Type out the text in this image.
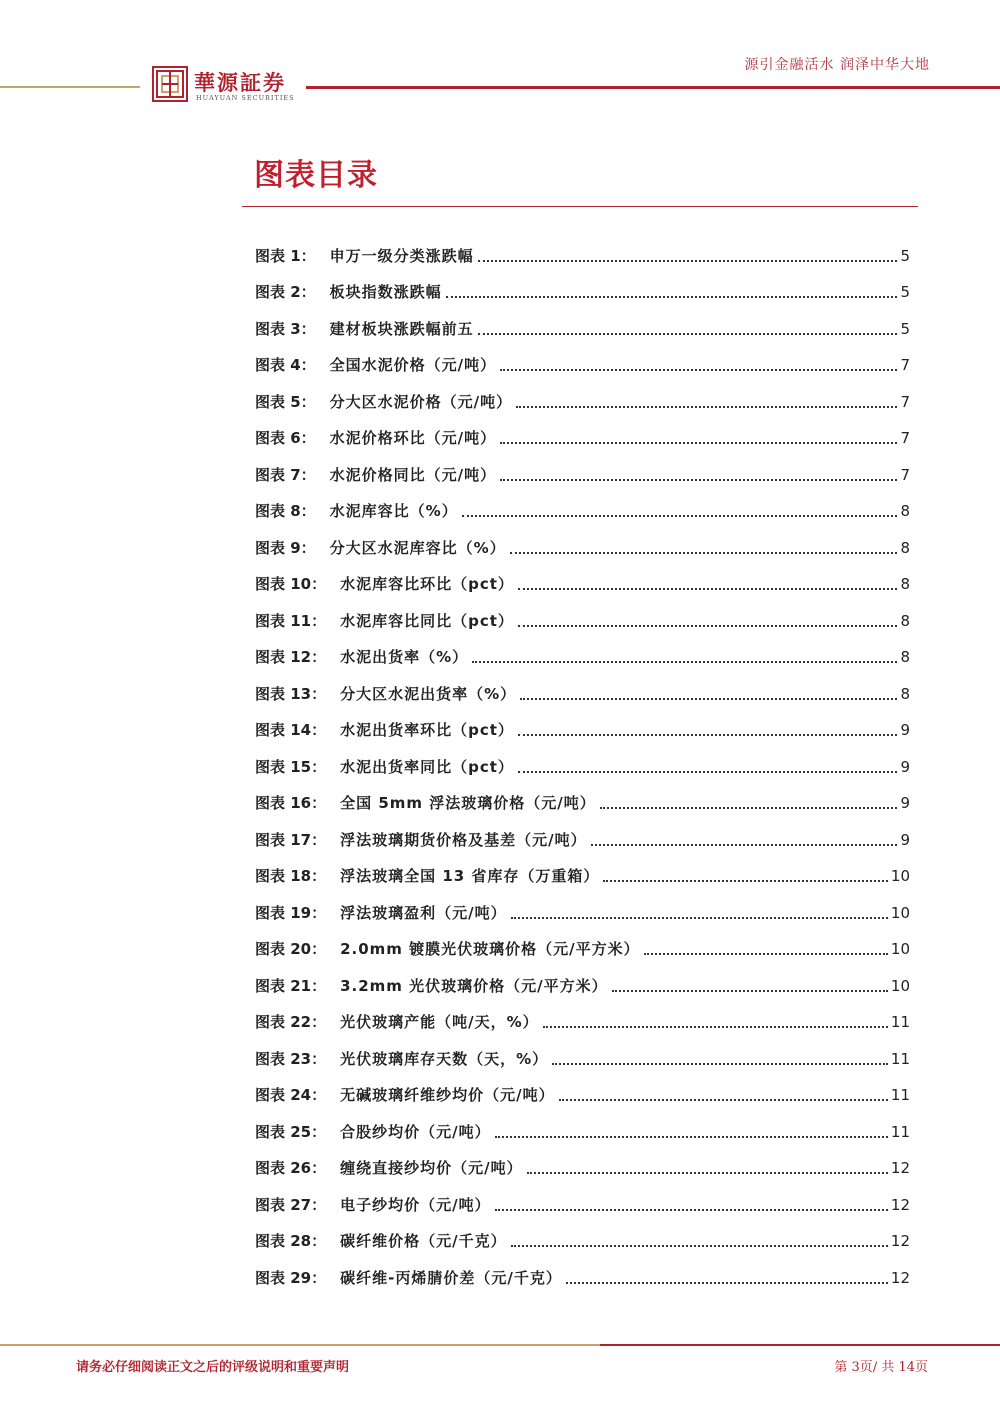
源引金融活水 润泽中华大地
華源証券
HUAYUAN SECURITIES
图表目录
图表 1： 申万一级分类涨跌幅	5
图表 2： 板块指数涨跌幅	5
图表 3： 建材板块涨跌幅前五	5
图表 4： 全国水泥价格（元/吨）	7
图表 5： 分大区水泥价格（元/吨）	7
图表 6： 水泥价格环比（元/吨）	7
图表 7： 水泥价格同比（元/吨）	7
图表 8： 水泥库容比（%）	8
图表 9： 分大区水泥库容比（%）	8
图表 10： 水泥库容比环比（pct）	8
图表 11： 水泥库容比同比（pct）	8
图表 12： 水泥出货率（%）	8
图表 13： 分大区水泥出货率（%）	8
图表 14： 水泥出货率环比（pct）	9
图表 15： 水泥出货率同比（pct）	9
图表 16： 全国 5mm 浮法玻璃价格（元/吨）	9
图表 17： 浮法玻璃期货价格及基差（元/吨）	9
图表 18： 浮法玻璃全国 13 省库存（万重箱）	10
图表 19： 浮法玻璃盈利（元/吨）	10
图表 20： 2.0mm 镀膜光伏玻璃价格（元/平方米）	10
图表 21： 3.2mm 光伏玻璃价格（元/平方米）	10
图表 22： 光伏玻璃产能（吨/天，%）	11
图表 23： 光伏玻璃库存天数（天，%）	11
图表 24： 无碱玻璃纤维纱均价（元/吨）	11
图表 25： 合股纱均价（元/吨）	11
图表 26： 缠绕直接纱均价（元/吨）	12
图表 27： 电子纱均价（元/吨）	12
图表 28： 碳纤维价格（元/千克）	12
图表 29： 碳纤维-丙烯腈价差（元/千克）	12
请务必仔细阅读正文之后的评级说明和重要声明	第 3页/ 共 14页
